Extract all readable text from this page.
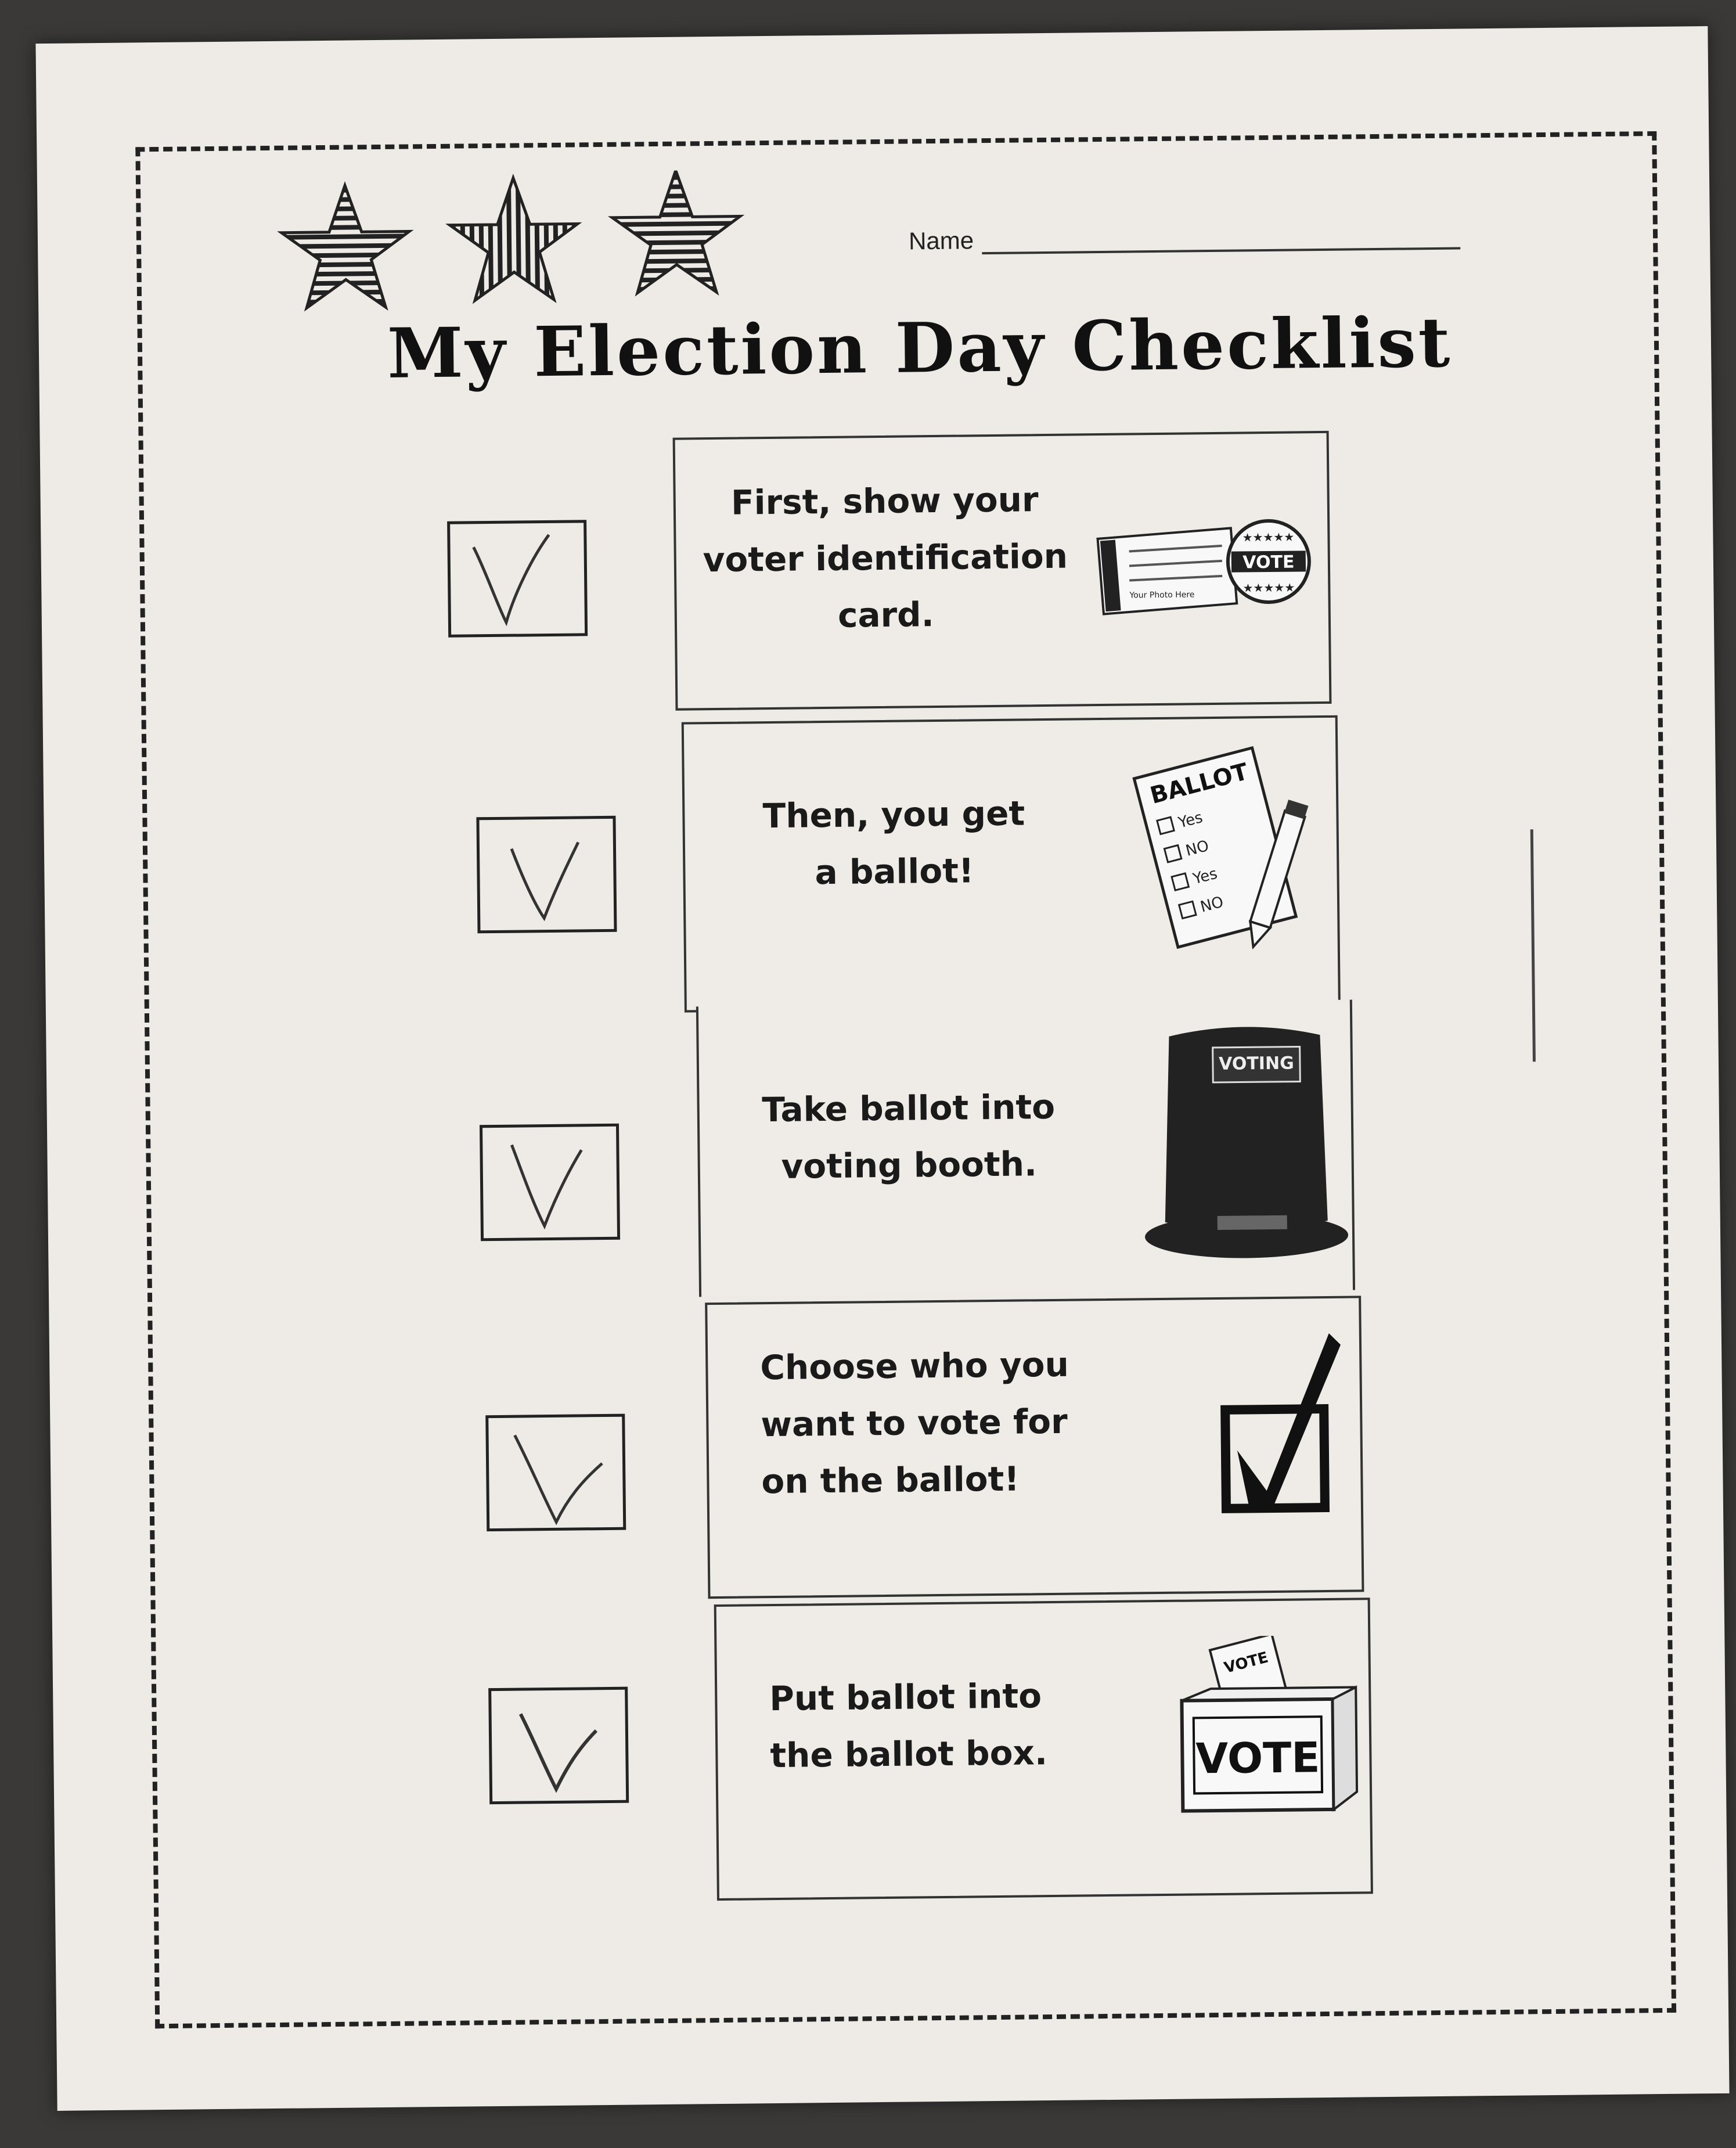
Name
My Election Day Checklist
First, show your
voter identification
card.	Your Photo Here
VOTE
★★★★★
★★★★★
Then, you get
a ballot!
BALLOT
Yes
NO
Yes
NO
Take ballot into
voting booth.
VOTING
Choose who you
want to vote for
on the ballot!
Put ballot into
the ballot box.
VOTE
VOTE
